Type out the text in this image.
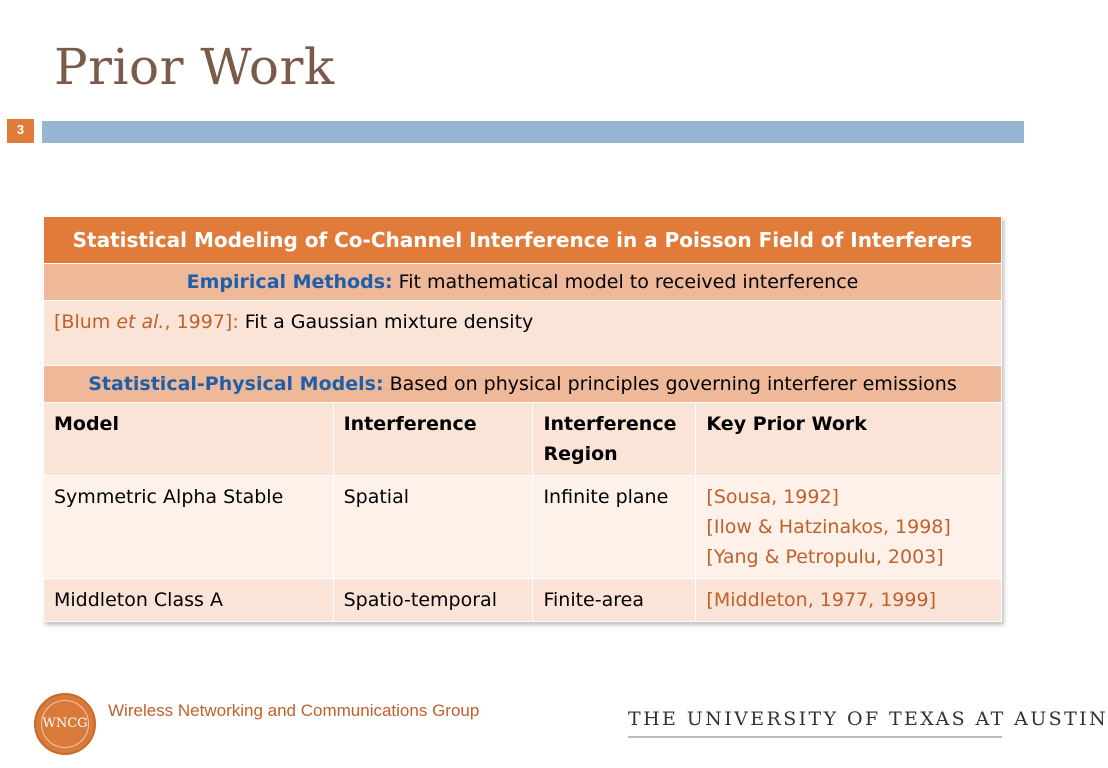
Prior Work
3
Statistical Modeling of Co-Channel Interference in a Poisson Field of Interferers			
Empirical Methods: Fit mathematical model to received interference			
[Blum et al., 1997]: Fit a Gaussian mixture density			
Statistical-Physical Models: Based on physical principles governing interferer emissions			
Model	Interference	Interference Region	Key Prior Work
Symmetric Alpha Stable	Spatial	Infinite plane	[Sousa, 1992]
[Ilow & Hatzinakos, 1998]
[Yang & Petropulu, 2003]

Middleton Class A	Spatio-temporal	Finite-area	[Middleton, 1977, 1999]
WNCG
Wireless Networking and Communications Group	THE UNIVERSITY OF TEXAS AT AUSTIN
